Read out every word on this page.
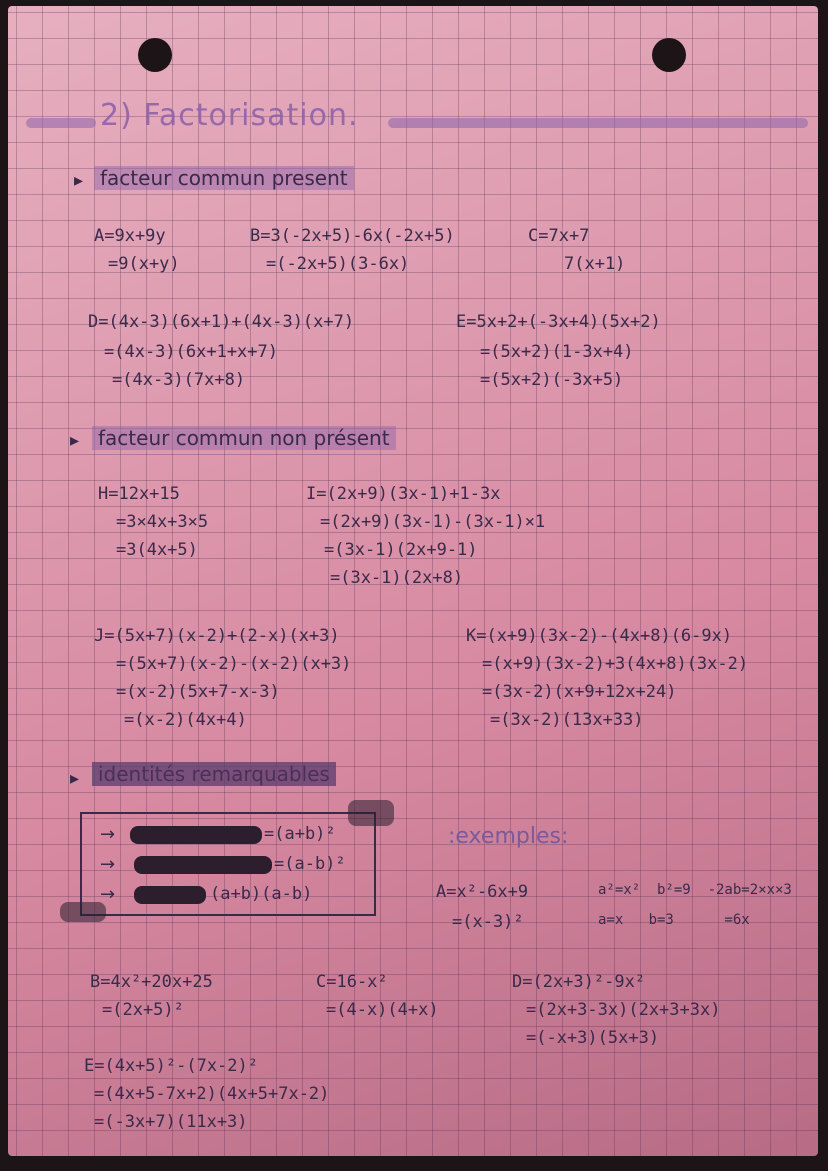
2) Factorisation.
▸ facteur commun present
A=9x+9y
=9(x+y)
B=3(-2x+5)-6x(-2x+5)
=(-2x+5)(3-6x)
C=7x+7
7(x+1)
D=(4x-3)(6x+1)+(4x-3)(x+7)
=(4x-3)(6x+1+x+7)
=(4x-3)(7x+8)
E=5x+2+(-3x+4)(5x+2)
=(5x+2)(1-3x+4)
=(5x+2)(-3x+5)
▸ facteur commun non présent
H=12x+15
=3×4x+3×5
=3(4x+5)
I=(2x+9)(3x-1)+1-3x
=(2x+9)(3x-1)-(3x-1)×1
=(3x-1)(2x+9-1)
=(3x-1)(2x+8)
J=(5x+7)(x-2)+(2-x)(x+3)
=(5x+7)(x-2)-(x-2)(x+3)
=(x-2)(5x+7-x-3)
=(x-2)(4x+4)
K=(x+9)(3x-2)-(4x+8)(6-9x)
=(x+9)(3x-2)+3(4x+8)(3x-2)
=(3x-2)(x+9+12x+24)
=(3x-2)(13x+33)
▸ identités remarquables
→	=(a+b)²
→	=(a-b)²
→	(a+b)(a-b)
:exemples:
A=x²-6x+9
=(x-3)²
a²=x²  b²=9  -2ab=2×x×3
a=x   b=3      =6x
B=4x²+20x+25
=(2x+5)²
C=16-x²
=(4-x)(4+x)
D=(2x+3)²-9x²
=(2x+3-3x)(2x+3+3x)
=(-x+3)(5x+3)
E=(4x+5)²-(7x-2)²
=(4x+5-7x+2)(4x+5+7x-2)
=(-3x+7)(11x+3)
